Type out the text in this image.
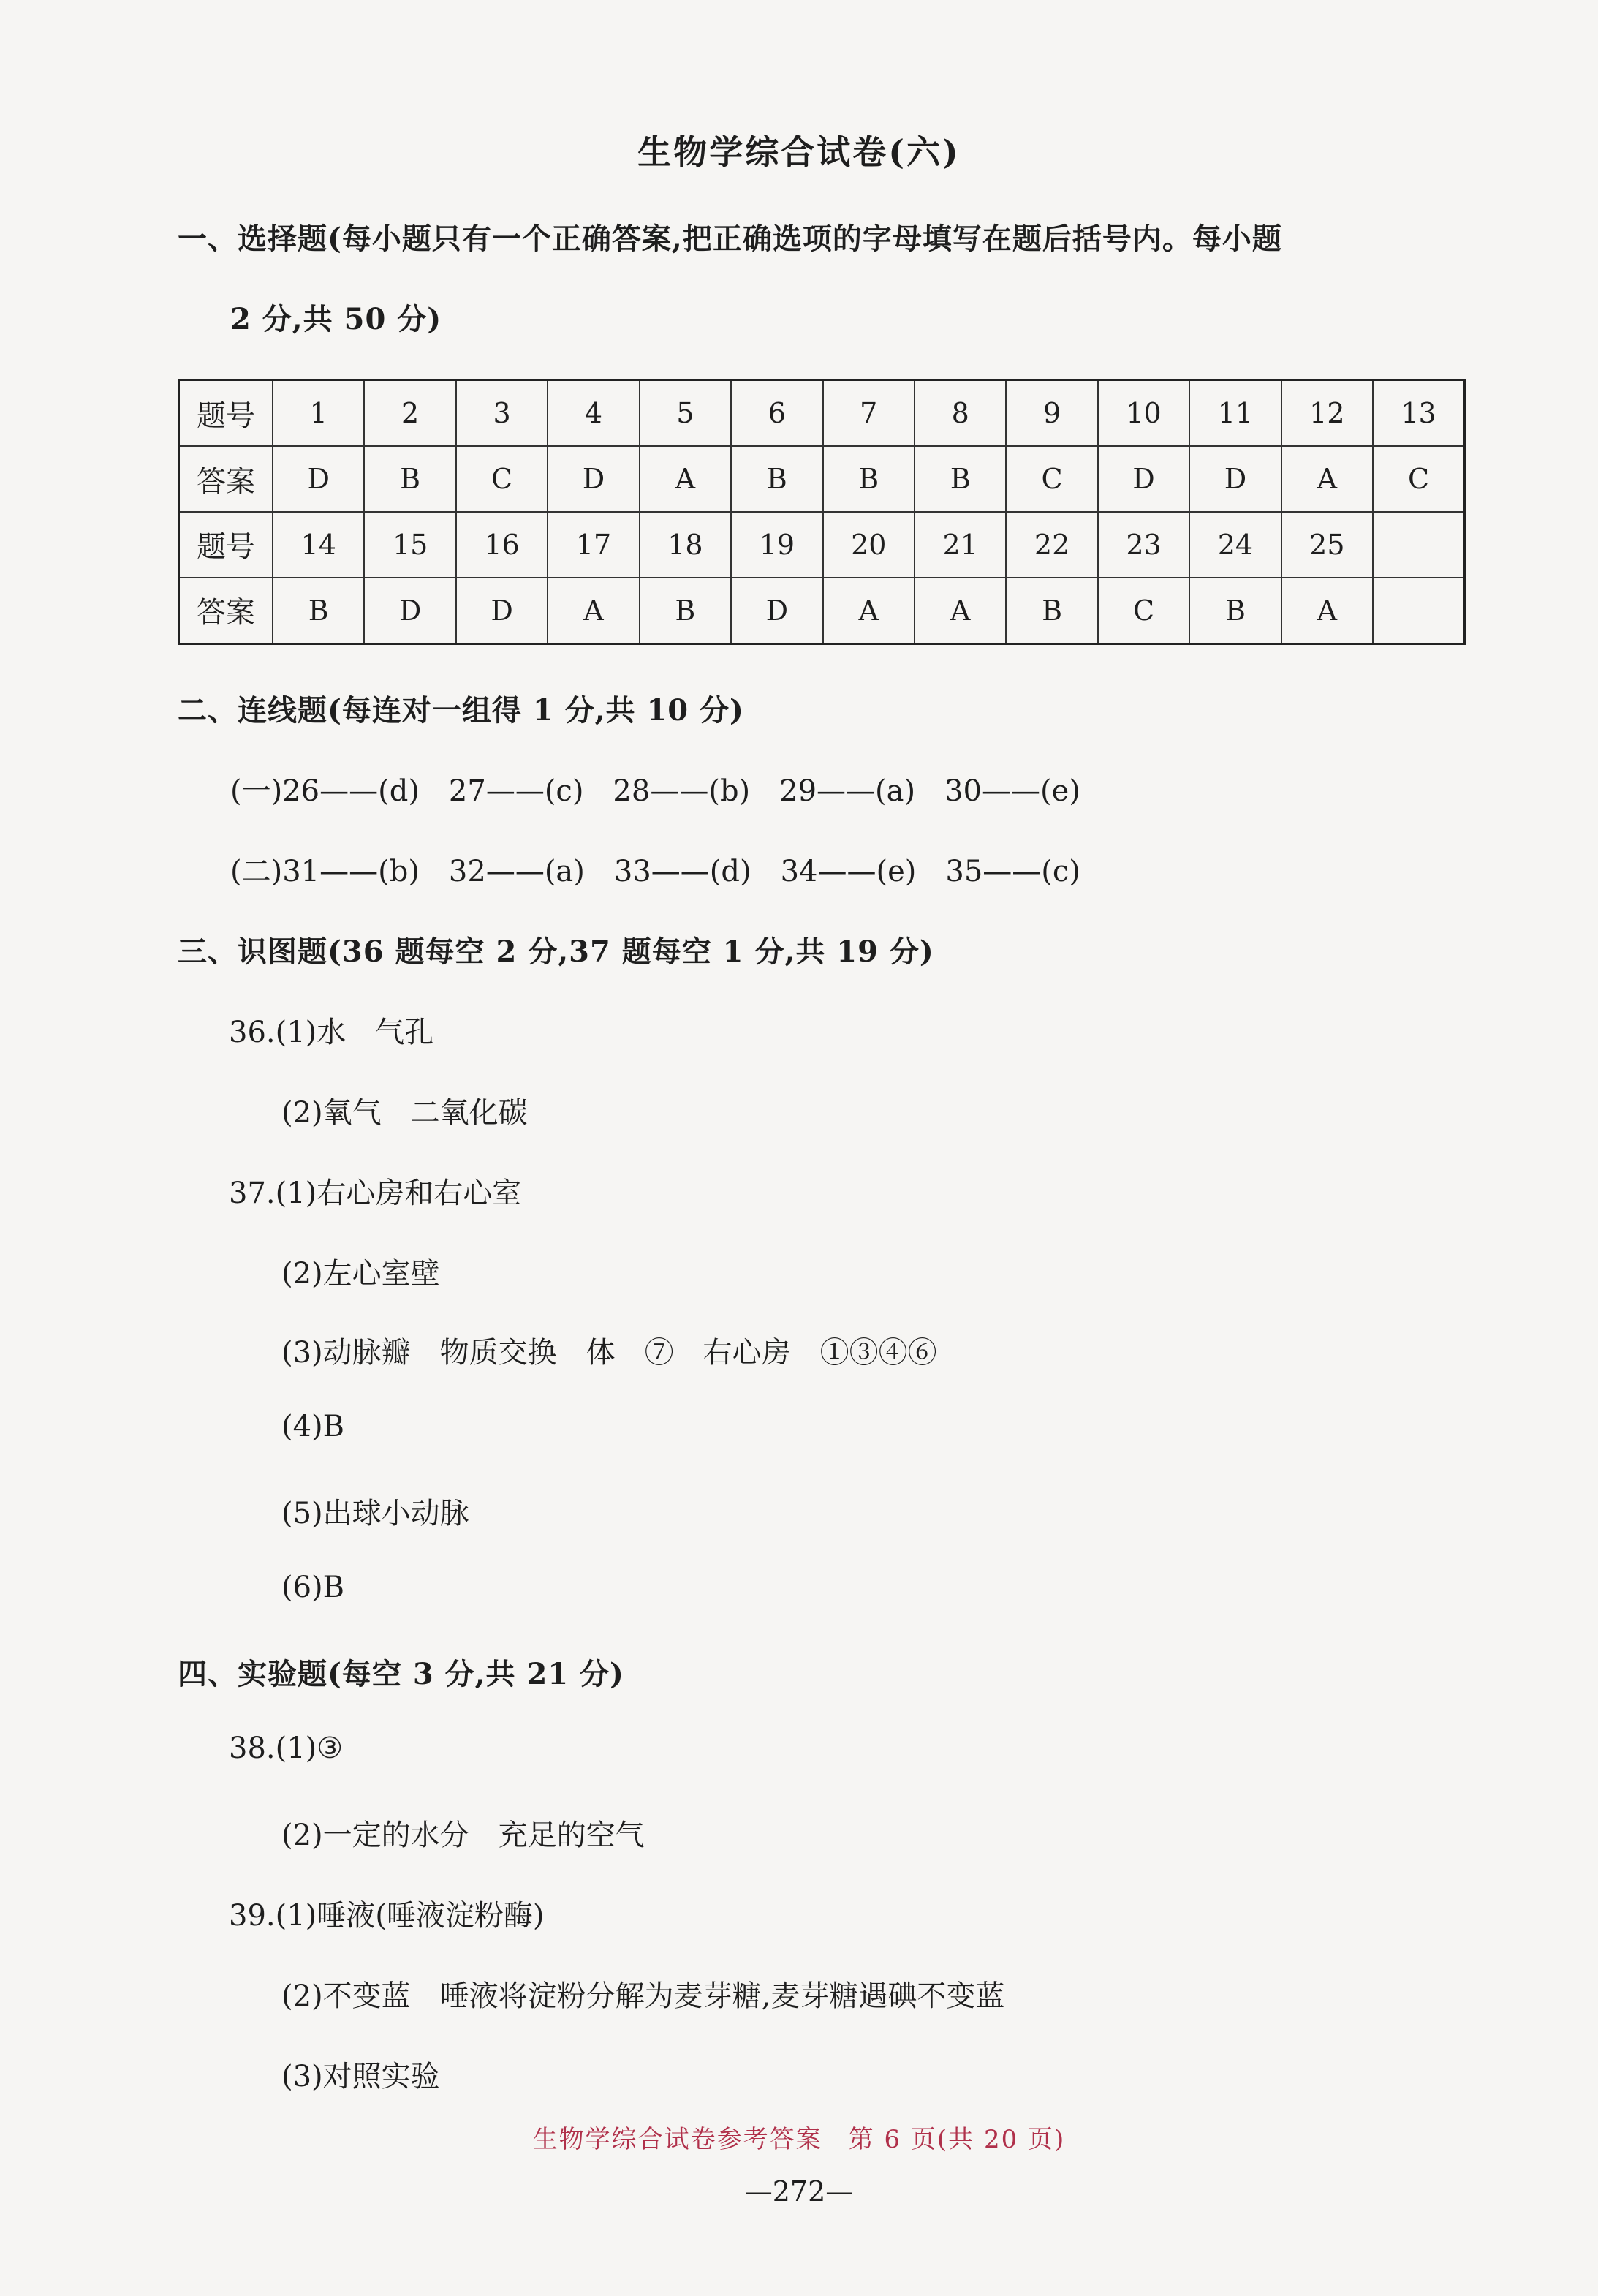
生物学综合试卷(六)
一、选择题(每小题只有一个正确答案,把正确选项的字母填写在题后括号内。每小题
2 分,共 50 分)
题号	1	2	3	4	5	6	7	8	9	10	11	12	13
答案	D	B	C	D	A	B	B	B	C	D	D	A	C
题号	14	15	16	17	18	19	20	21	22	23	24	25	
答案	B	D	D	A	B	D	A	A	B	C	B	A	
二、连线题(每连对一组得 1 分,共 10 分)
(一)26——(d)　27——(c)　28——(b)　29——(a)　30——(e)
(二)31——(b)　32——(a)　33——(d)　34——(e)　35——(c)
三、识图题(36 题每空 2 分,37 题每空 1 分,共 19 分)
36.(1)水　气孔
(2)氧气　二氧化碳
37.(1)右心房和右心室
(2)左心室壁
(3)动脉瓣　物质交换　体　⑦　右心房　①③④⑥
(4)B
(5)出球小动脉
(6)B
四、实验题(每空 3 分,共 21 分)
38.(1)③
(2)一定的水分　充足的空气
39.(1)唾液(唾液淀粉酶)
(2)不变蓝　唾液将淀粉分解为麦芽糖,麦芽糖遇碘不变蓝
(3)对照实验
生物学综合试卷参考答案　第 6 页(共 20 页)
—272—
